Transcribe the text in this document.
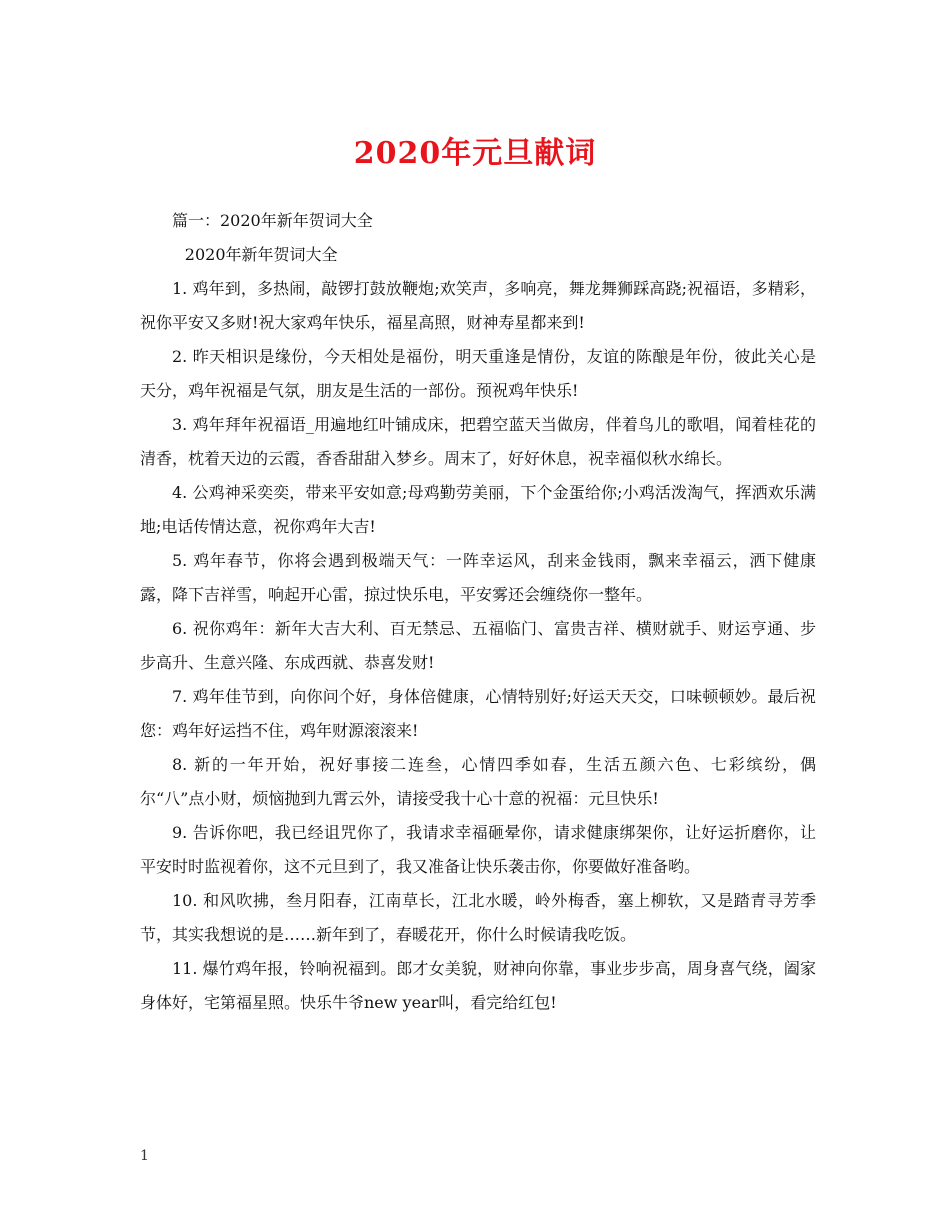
2020年元旦献词

篇一：2020年新年贺词大全

2020年新年贺词大全

1. 鸡年到，多热闹，敲锣打鼓放鞭炮;欢笑声，多响亮，舞龙舞狮踩高跷;祝福语，多精彩，祝你平安又多财!祝大家鸡年快乐，福星高照，财神寿星都来到!

2. 昨天相识是缘份，今天相处是福份，明天重逢是情份，友谊的陈酿是年份，彼此关心是天分，鸡年祝福是气氛，朋友是生活的一部份。预祝鸡年快乐!

3. 鸡年拜年祝福语_用遍地红叶铺成床，把碧空蓝天当做房，伴着鸟儿的歌唱，闻着桂花的清香，枕着天边的云霞，香香甜甜入梦乡。周末了，好好休息，祝幸福似秋水绵长。

4. 公鸡神采奕奕，带来平安如意;母鸡勤劳美丽，下个金蛋给你;小鸡活泼淘气，挥洒欢乐满地;电话传情达意，祝你鸡年大吉!

5. 鸡年春节，你将会遇到极端天气：一阵幸运风，刮来金钱雨，飘来幸福云，洒下健康露，降下吉祥雪，响起开心雷，掠过快乐电，平安雾还会缠绕你一整年。

6. 祝你鸡年：新年大吉大利、百无禁忌、五福临门、富贵吉祥、横财就手、财运亨通、步步高升、生意兴隆、东成西就、恭喜发财!

7. 鸡年佳节到，向你问个好，身体倍健康，心情特别好;好运天天交，口味顿顿妙。最后祝您：鸡年好运挡不住，鸡年财源滚滚来!

8. 新的一年开始，祝好事接二连叁，心情四季如春，生活五颜六色、七彩缤纷，偶尔“八”点小财，烦恼抛到九霄云外，请接受我十心十意的祝福：元旦快乐!

9. 告诉你吧，我已经诅咒你了，我请求幸福砸晕你，请求健康绑架你，让好运折磨你，让平安时时监视着你，这不元旦到了，我又准备让快乐袭击你，你要做好准备哟。

10. 和风吹拂，叁月阳春，江南草长，江北水暖，岭外梅香，塞上柳软，又是踏青寻芳季节，其实我想说的是……新年到了，春暖花开，你什么时候请我吃饭。

11. 爆竹鸡年报，铃响祝福到。郎才女美貌，财神向你靠，事业步步高，周身喜气绕，阖家身体好，宅第福星照。快乐牛爷new year叫，看完给红包!

1
